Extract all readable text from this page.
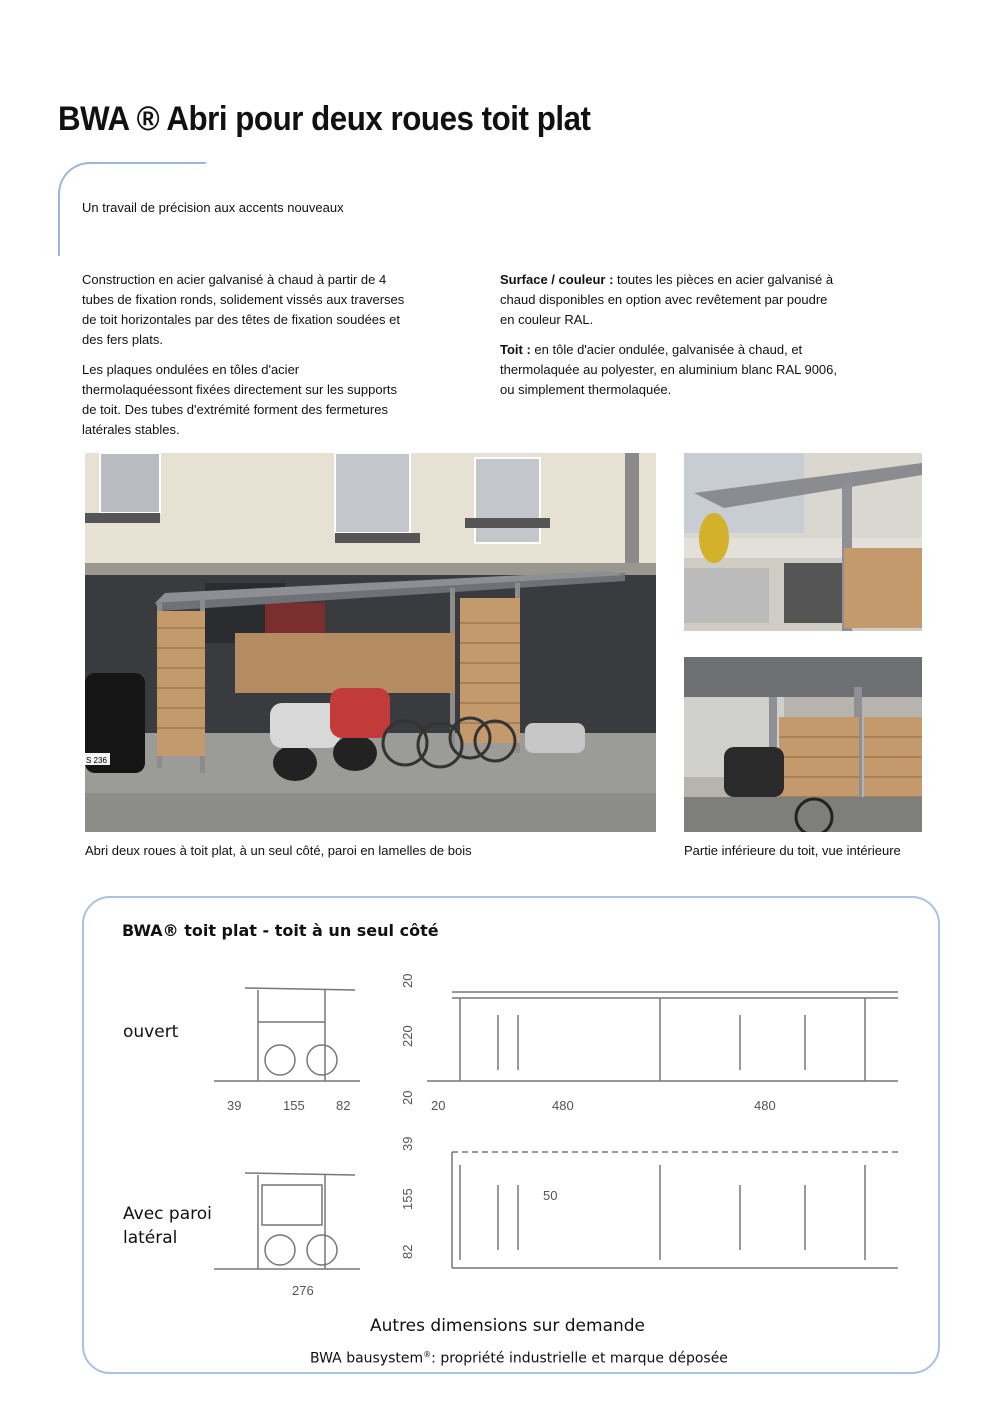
BWA ® Abri pour deux roues toit plat
Un travail de précision aux accents nouveaux

Construction en acier galvanisé à chaud à partir de 4 tubes de fixation ronds, solidement vissés aux traverses de toit horizontales par des têtes de fixation soudées et des fers plats.

Les plaques ondulées en tôles d'acier thermolaquéessont fixées directement sur les supports de toit. Des tubes d'extrémité forment des fermetures latérales stables.

Surface / couleur : toutes les pièces en acier galvanisé à chaud disponibles en option avec revêtement par poudre en couleur RAL.

Toit : en tôle d'acier ondulée, galvanisée à chaud, et thermolaquée au polyester, en aluminium blanc RAL 9006, ou simplement thermolaquée.

S 236
Abri deux roues à toit plat, à un seul côté, paroi en lamelles de bois	Partie inférieure du toit, vue intérieure
BWA® toit plat - toit à un seul côté
ouvert
Avec paroi
latéral
39	155 82
20
220
20
20	480	480
39
155
82
50
276
Autres dimensions sur demande
BWA bausystem®: propriété industrielle et marque déposée
